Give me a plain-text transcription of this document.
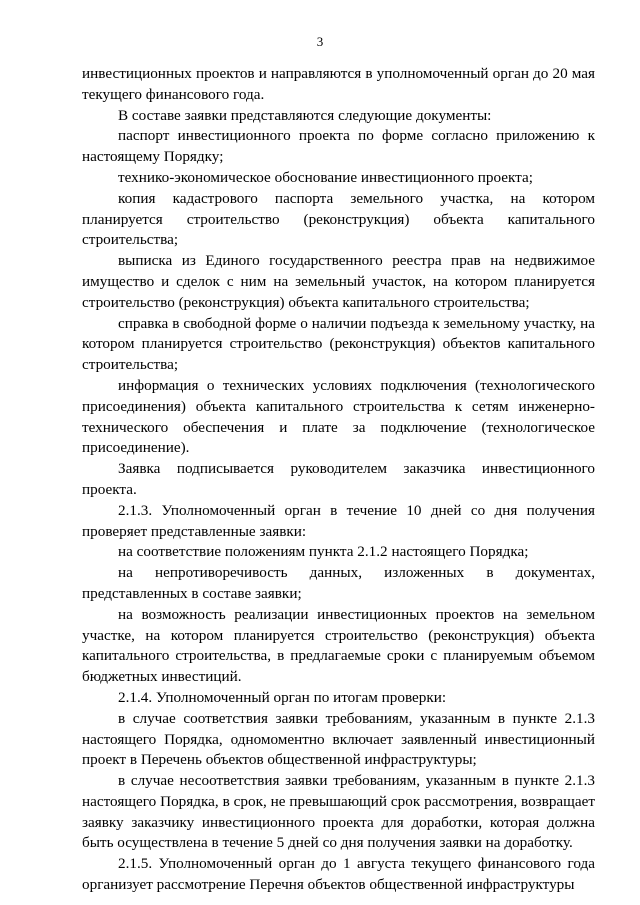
3

инвестиционных проектов и направляются в уполномоченный орган до 20 мая текущего финансового года.

В составе заявки представляются следующие документы:

паспорт инвестиционного проекта по форме согласно приложению к настоящему Порядку;

технико-экономическое обоснование инвестиционного проекта;

копия кадастрового паспорта земельного участка, на котором планируется строительство (реконструкция) объекта капитального строительства;

выписка из Единого государственного реестра прав на недвижимое имущество и сделок с ним на земельный участок, на котором планируется строительство (реконструкция) объекта капитального строительства;

справка в свободной форме о наличии подъезда к земельному участку, на котором планируется строительство (реконструкция) объектов капитального строительства;

информация о технических условиях подключения (технологического присоединения) объекта капитального строительства к сетям инженерно-технического обеспечения и плате за подключение (технологическое присоединение).

Заявка подписывается руководителем заказчика инвестиционного проекта.

2.1.3. Уполномоченный орган в течение 10 дней со дня получения проверяет представленные заявки:

на соответствие положениям пункта 2.1.2 настоящего Порядка;

на непротиворечивость данных, изложенных в документах, представленных в составе заявки;

на возможность реализации инвестиционных проектов на земельном участке, на котором планируется строительство (реконструкция) объекта капитального строительства, в предлагаемые сроки с планируемым объемом бюджетных инвестиций.

2.1.4. Уполномоченный орган по итогам проверки:

в случае соответствия заявки требованиям, указанным в пункте 2.1.3 настоящего Порядка, одномоментно включает заявленный инвестиционный проект в Перечень объектов общественной инфраструктуры;

в случае несоответствия заявки требованиям, указанным в пункте 2.1.3 настоящего Порядка, в срок, не превышающий срок рассмотрения, возвращает заявку заказчику инвестиционного проекта для доработки, которая должна быть осуществлена в течение 5 дней со дня получения заявки на доработку.

2.1.5. Уполномоченный орган до 1 августа текущего финансового года организует рассмотрение Перечня объектов общественной инфраструктуры
